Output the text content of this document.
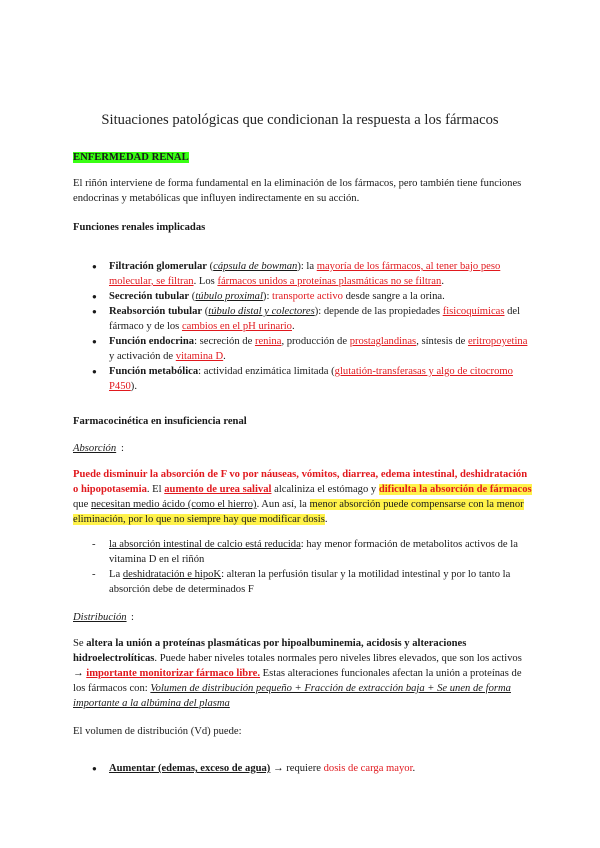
Situaciones patológicas que condicionan la respuesta a los fármacos
ENFERMEDAD RENAL
El riñón interviene de forma fundamental en la eliminación de los fármacos, pero también tiene funciones endocrinas y metabólicas que influyen indirectamente en su acción.
Funciones renales implicadas
● Filtración glomerular (cápsula de bowman): la mayoría de los fármacos, al tener bajo peso molecular, se filtran. Los fármacos unidos a proteínas plasmáticas no se filtran.
● Secreción tubular (túbulo proximal): transporte activo desde sangre a la orina.
● Reabsorción tubular (túbulo distal y colectores): depende de las propiedades fisicoquímicas del fármaco y de los cambios en el pH urinario.
● Función endocrina: secreción de renina, producción de prostaglandinas, síntesis de eritropoyetina y activación de vitamina D.
● Función metabólica: actividad enzimática limitada (glutatión-transferasas y algo de citocromo P450).
Farmacocinética en insuficiencia renal
Absorción :
Puede disminuir la absorción de F vo por náuseas, vómitos, diarrea, edema intestinal, deshidratación o hipopotasemia. El aumento de urea salival alcaliniza el estómago y dificulta la absorción de fármacos que necesitan medio ácido (como el hierro). Aun así, la menor absorción puede compensarse con la menor eliminación, por lo que no siempre hay que modificar dosis.
- la absorción intestinal de calcio está reducida: hay menor formación de metabolitos activos de la vitamina D en el riñón
- La deshidratación e hipoK: alteran la perfusión tisular y la motilidad intestinal y por lo tanto la absorción debe de determinados F
Distribución :
Se altera la unión a proteínas plasmáticas por hipoalbuminemia, acidosis y alteraciones hidroelectrolíticas. Puede haber niveles totales normales pero niveles libres elevados, que son los activos → importante monitorizar fármaco libre. Estas alteraciones funcionales afectan la unión a proteínas de los fármacos con: Volumen de distribución pequeño + Fracción de extracción baja + Se unen de forma importante a la albúmina del plasma
El volumen de distribución (Vd) puede:
● Aumentar (edemas, exceso de agua) → requiere dosis de carga mayor.
